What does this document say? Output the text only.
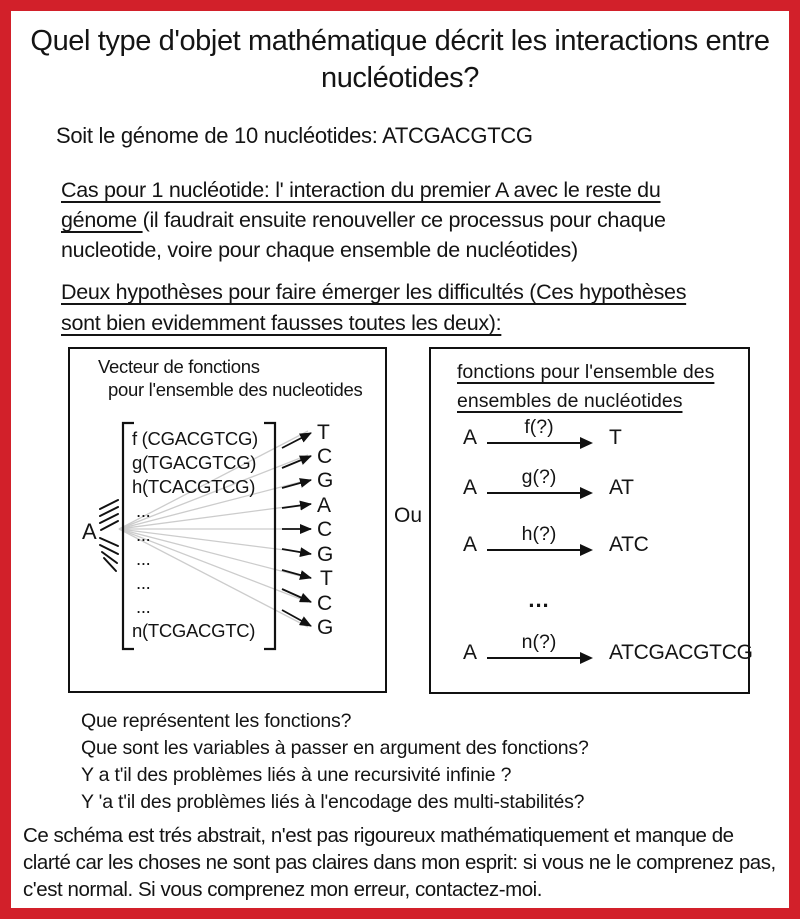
Quel type d'objet mathématique décrit les interactions entre nucléotides?

Soit le génome de 10 nucléotides: ATCGACGTCG

Cas pour 1 nucléotide: l' interaction du premier A avec le reste du génome (il faudrait ensuite renouveller ce processus pour chaque nucleotide, voire pour chaque ensemble de nucléotides)

Deux hypothèses pour faire émerger les difficultés (Ces hypothèses sont bien evidemment fausses toutes les deux):

Vecteur de fonctions
pour l'ensemble des nucleotides
A
f (CGACGTCG)
g(TGACGTCG)
h(TCACGTCG)
...
...
...
...
...
n(TCGACGTC)
T
C
G
A
C
G
T
C
G
Ou
fonctions pour l'ensemble des
ensembles de nucléotides
A	f(?)	T
A	g(?)	AT
A	h(?)	ATC
...
A	n(?)	ATCGACGTCG
Que représentent les fonctions?
Que sont les variables à passer en argument des fonctions?
Y a t'il des problèmes liés à une recursivité infinie ?
Y 'a t'il des problèmes liés à l'encodage des multi-stabilités?

Ce schéma est trés abstrait, n'est pas rigoureux mathématiquement et manque de clarté car les choses ne sont pas claires dans mon esprit: si vous ne le comprenez pas, c'est normal. Si vous comprenez mon erreur, contactez-moi.
